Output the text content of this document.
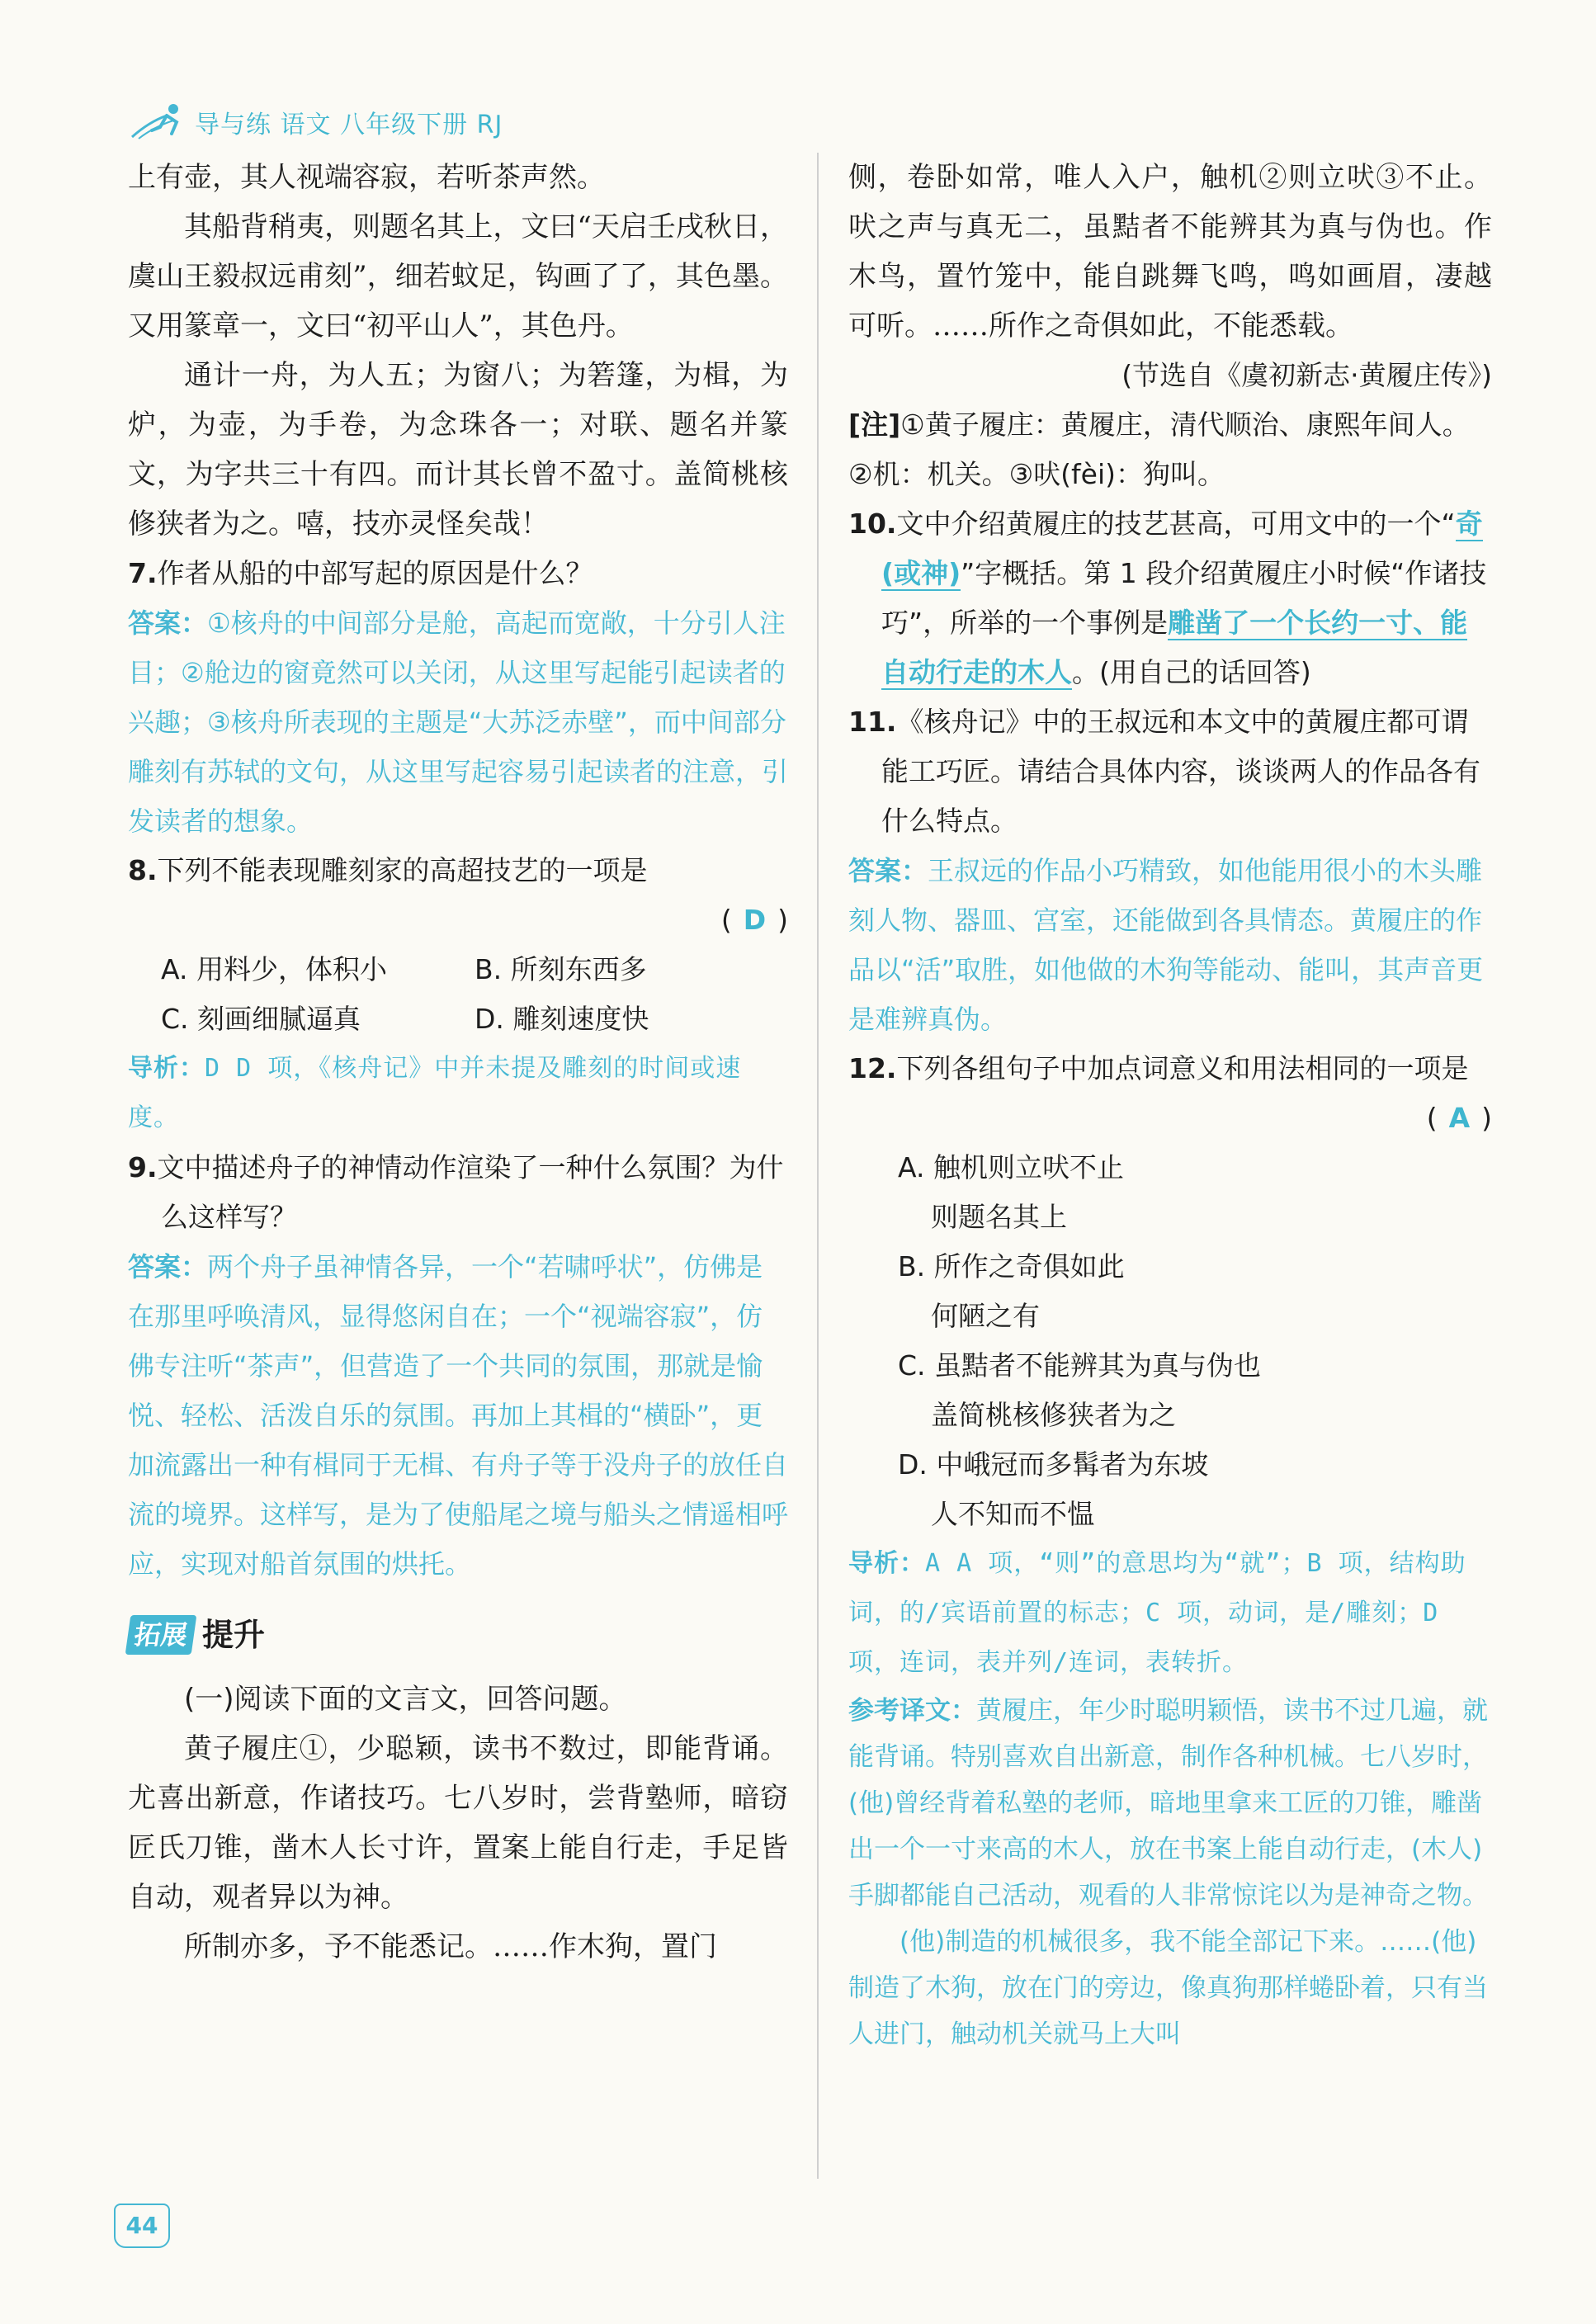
导与练 语文 八年级下册 RJ

上有壶，其人视端容寂，若听茶声然。

其船背稍夷，则题名其上，文曰“天启壬戌秋日，虞山王毅叔远甫刻”，细若蚊足，钩画了了，其色墨。又用篆章一，文曰“初平山人”，其色丹。

通计一舟，为人五；为窗八；为箬篷，为楫，为炉，为壶，为手卷，为念珠各一；对联、题名并篆文，为字共三十有四。而计其长曾不盈寸。盖简桃核修狭者为之。嘻，技亦灵怪矣哉！

7.作者从船的中部写起的原因是什么？

答案：①核舟的中间部分是舱，高起而宽敞，十分引人注目；②舱边的窗竟然可以关闭，从这里写起能引起读者的兴趣；③核舟所表现的主题是“大苏泛赤壁”，而中间部分雕刻有苏轼的文句，从这里写起容易引起读者的注意，引发读者的想象。

8.下列不能表现雕刻家的高超技艺的一项是

( D )

A. 用料少，体积小	B. 所刻东西多
C. 刻画细腻逼真	D. 雕刻速度快

导析：D D 项，《核舟记》中并未提及雕刻的时间或速度。

9.文中描述舟子的神情动作渲染了一种什么氛围？为什么这样写？

答案：两个舟子虽神情各异，一个“若啸呼状”，仿佛是在那里呼唤清风，显得悠闲自在；一个“视端容寂”，仿佛专注听“茶声”，但营造了一个共同的氛围，那就是愉悦、轻松、活泼自乐的氛围。再加上其楫的“横卧”，更加流露出一种有楫同于无楫、有舟子等于没舟子的放任自流的境界。这样写，是为了使船尾之境与船头之情遥相呼应，实现对船首氛围的烘托。

拓展 提升

(一)阅读下面的文言文，回答问题。

黄子履庄①，少聪颖，读书不数过，即能背诵。尤喜出新意，作诸技巧。七八岁时，尝背塾师，暗窃匠氏刀锥，凿木人长寸许，置案上能自行走，手足皆自动，观者异以为神。

所制亦多，予不能悉记。……作木狗，置门

侧，卷卧如常，唯人入户，触机②则立吠③不止。吠之声与真无二，虽黠者不能辨其为真与伪也。作木鸟，置竹笼中，能自跳舞飞鸣，鸣如画眉，凄越可听。……所作之奇俱如此，不能悉载。

(节选自《虞初新志·黄履庄传》)

[注]①黄子履庄：黄履庄，清代顺治、康熙年间人。②机：机关。③吠(fèi)：狗叫。

10.文中介绍黄履庄的技艺甚高，可用文中的一个“奇(或神)”字概括。第 1 段介绍黄履庄小时候“作诸技巧”，所举的一个事例是雕凿了一个长约一寸、能自动行走的木人。(用自己的话回答)

11.《核舟记》中的王叔远和本文中的黄履庄都可谓能工巧匠。请结合具体内容，谈谈两人的作品各有什么特点。

答案：王叔远的作品小巧精致，如他能用很小的木头雕刻人物、器皿、宫室，还能做到各具情态。黄履庄的作品以“活”取胜，如他做的木狗等能动、能叫，其声音更是难辨真伪。

12.下列各组句子中加点词意义和用法相同的一项是

( A )

A. 触机则立吠不止

则题名其上

B. 所作之奇俱如此

何陋之有

C. 虽黠者不能辨其为真与伪也

盖简桃核修狭者为之

D. 中峨冠而多髯者为东坡

人不知而不愠

导析：A A 项，“则”的意思均为“就”；B 项，结构助词，的/宾语前置的标志；C 项，动词，是/雕刻；D 项，连词，表并列/连词，表转折。

参考译文：黄履庄，年少时聪明颖悟，读书不过几遍，就能背诵。特别喜欢自出新意，制作各种机械。七八岁时，(他)曾经背着私塾的老师，暗地里拿来工匠的刀锥，雕凿出一个一寸来高的木人，放在书案上能自动行走，(木人)手脚都能自己活动，观看的人非常惊诧以为是神奇之物。

(他)制造的机械很多，我不能全部记下来。……(他)制造了木狗，放在门的旁边，像真狗那样蜷卧着，只有当人进门，触动机关就马上大叫

44
